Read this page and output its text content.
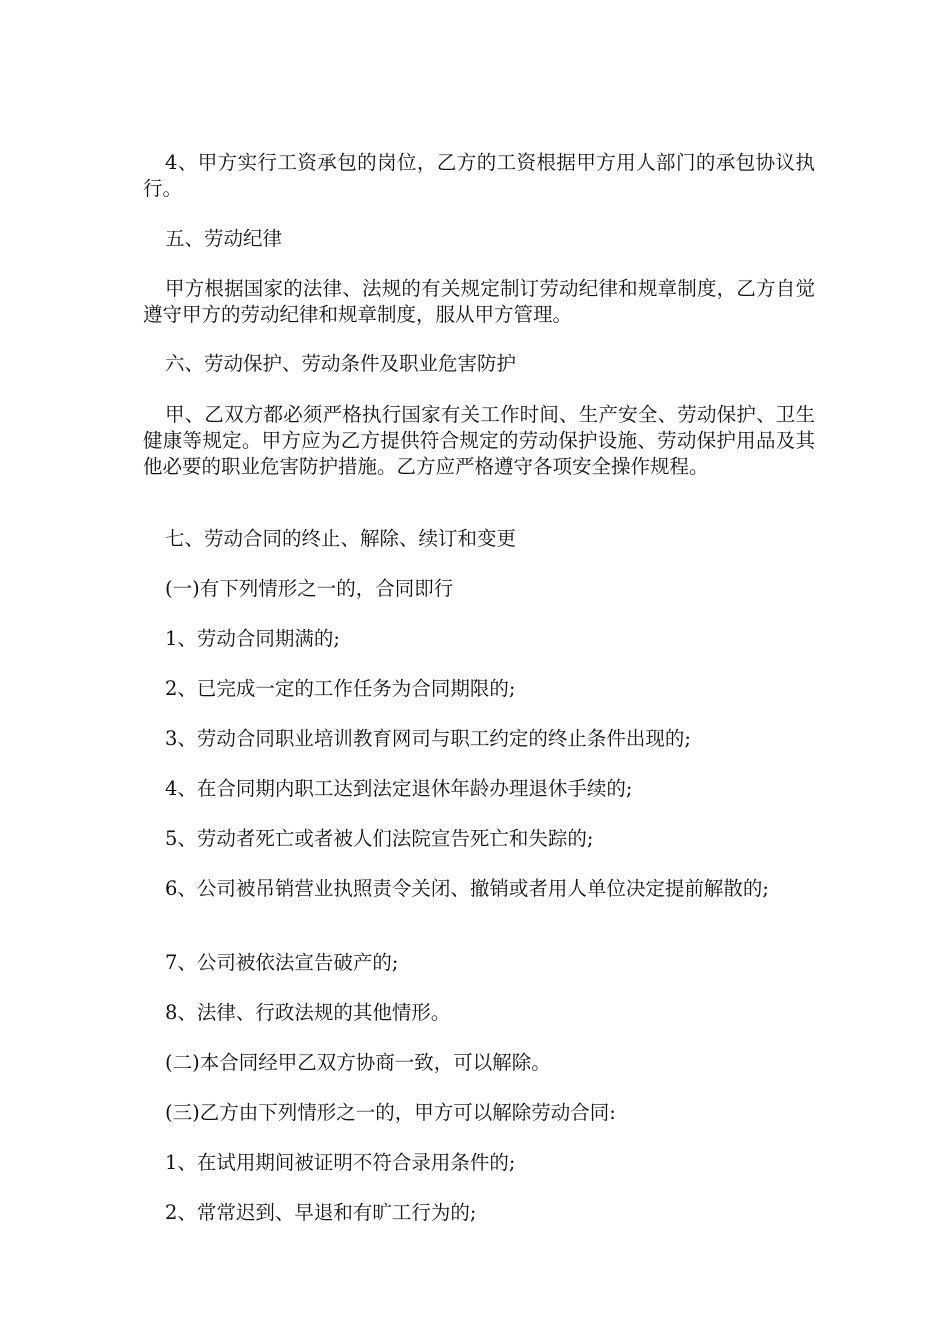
4、甲方实行工资承包的岗位，乙方的工资根据甲方用人部门的承包协议执行。

五、劳动纪律

甲方根据国家的法律、法规的有关规定制订劳动纪律和规章制度，乙方自觉遵守甲方的劳动纪律和规章制度，服从甲方管理。

六、劳动保护、劳动条件及职业危害防护

甲、乙双方都必须严格执行国家有关工作时间、生产安全、劳动保护、卫生健康等规定。甲方应为乙方提供符合规定的劳动保护设施、劳动保护用品及其他必要的职业危害防护措施。乙方应严格遵守各项安全操作规程。

七、劳动合同的终止、解除、续订和变更

(一)有下列情形之一的，合同即行

1、劳动合同期满的;

2、已完成一定的工作任务为合同期限的;

3、劳动合同职业培训教育网司与职工约定的终止条件出现的;

4、在合同期内职工达到法定退休年龄办理退休手续的;

5、劳动者死亡或者被人们法院宣告死亡和失踪的;

6、公司被吊销营业执照责令关闭、撤销或者用人单位决定提前解散的;

7、公司被依法宣告破产的;

8、法律、行政法规的其他情形。

(二)本合同经甲乙双方协商一致，可以解除。

(三)乙方由下列情形之一的，甲方可以解除劳动合同:

1、在试用期间被证明不符合录用条件的;

2、常常迟到、早退和有旷工行为的;
